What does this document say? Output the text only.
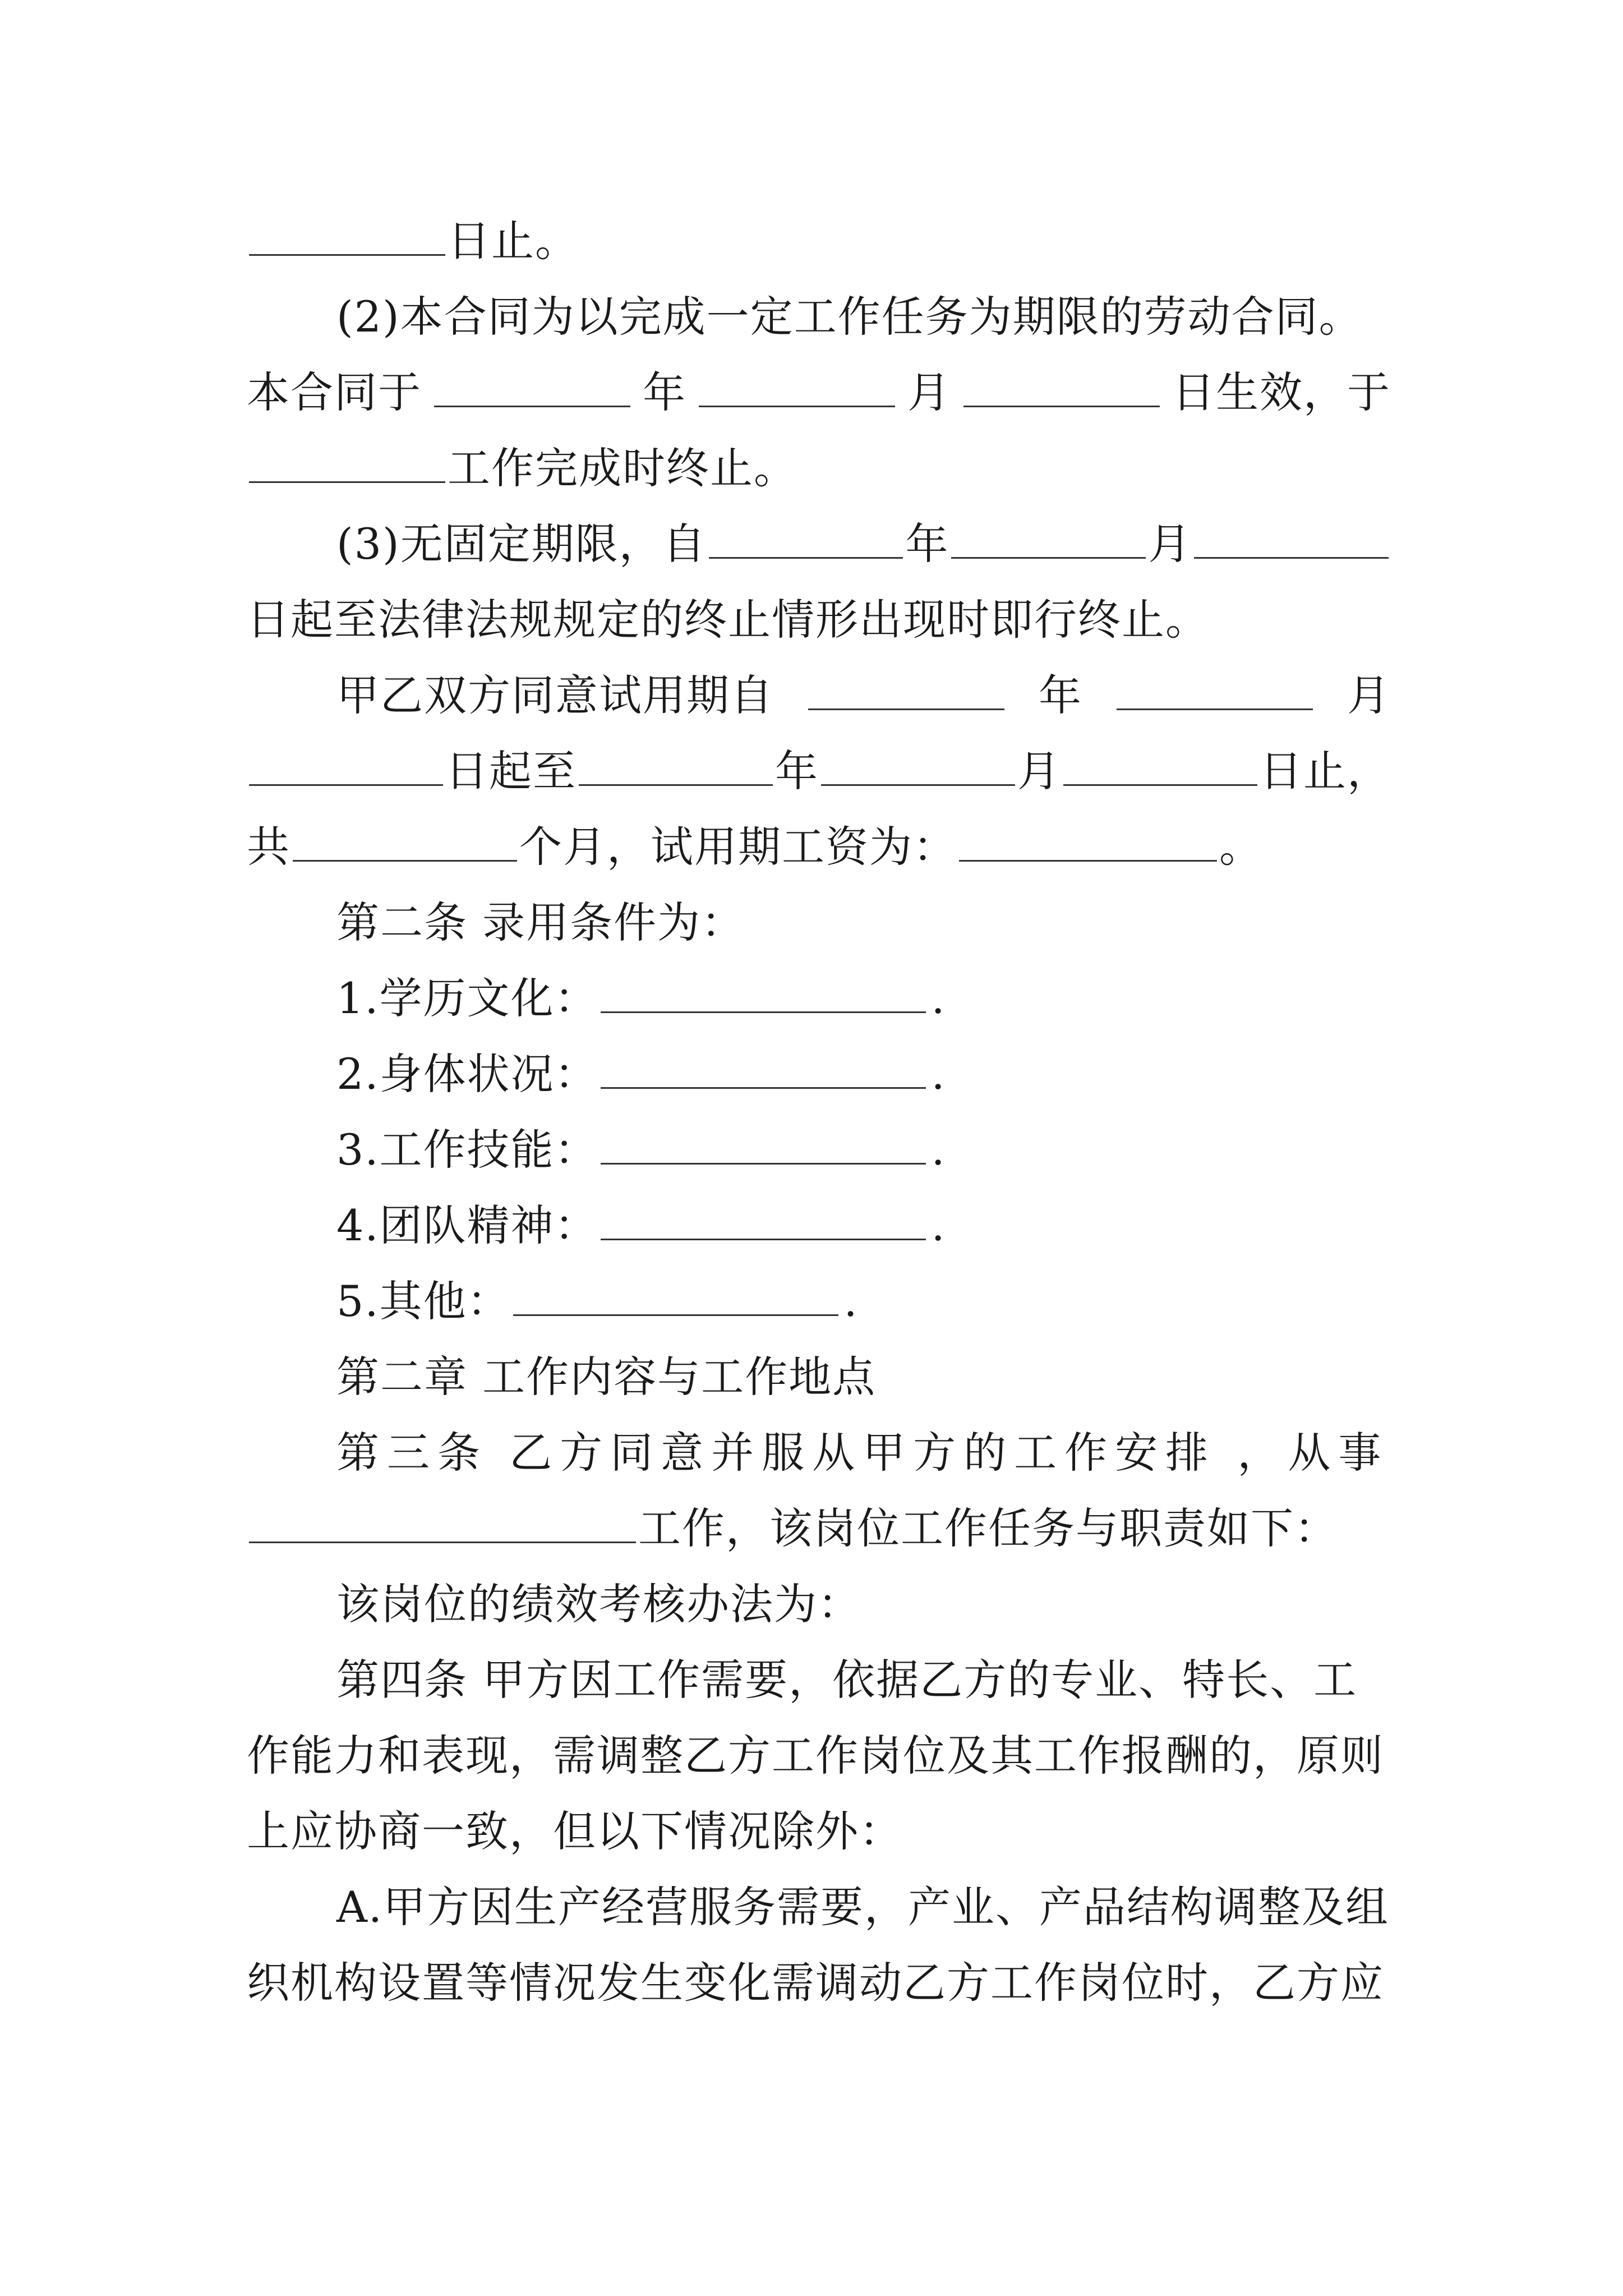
日止。
(2)本合同为以完成一定工作任务为期限的劳动合同。
本合同于	年	月	日生效，于
工作完成时终止。
(3)无固定期限，自	年	月
日起至法律法规规定的终止情形出现时即行终止。
甲乙双方同意试用期自	年	月
日起至	年	月	日止，
共	个月，试用期工资为：	。
第二条 录用条件为：
1.学历文化：	.
2.身体状况：	.
3.工作技能：	.
4.团队精神：	.
5.其他：	.
第二章 工作内容与工作地点
第三条 乙方同意并服从甲方的工作安排 ，从事
工作，该岗位工作任务与职责如下：
该岗位的绩效考核办法为：
第四条 甲方因工作需要，依据乙方的专业、特长、工
作能力和表现，需调整乙方工作岗位及其工作报酬的，原则
上应协商一致，但以下情况除外：
A.甲方因生产经营服务需要，产业、产品结构调整及组
织机构设置等情况发生变化需调动乙方工作岗位时，乙方应
